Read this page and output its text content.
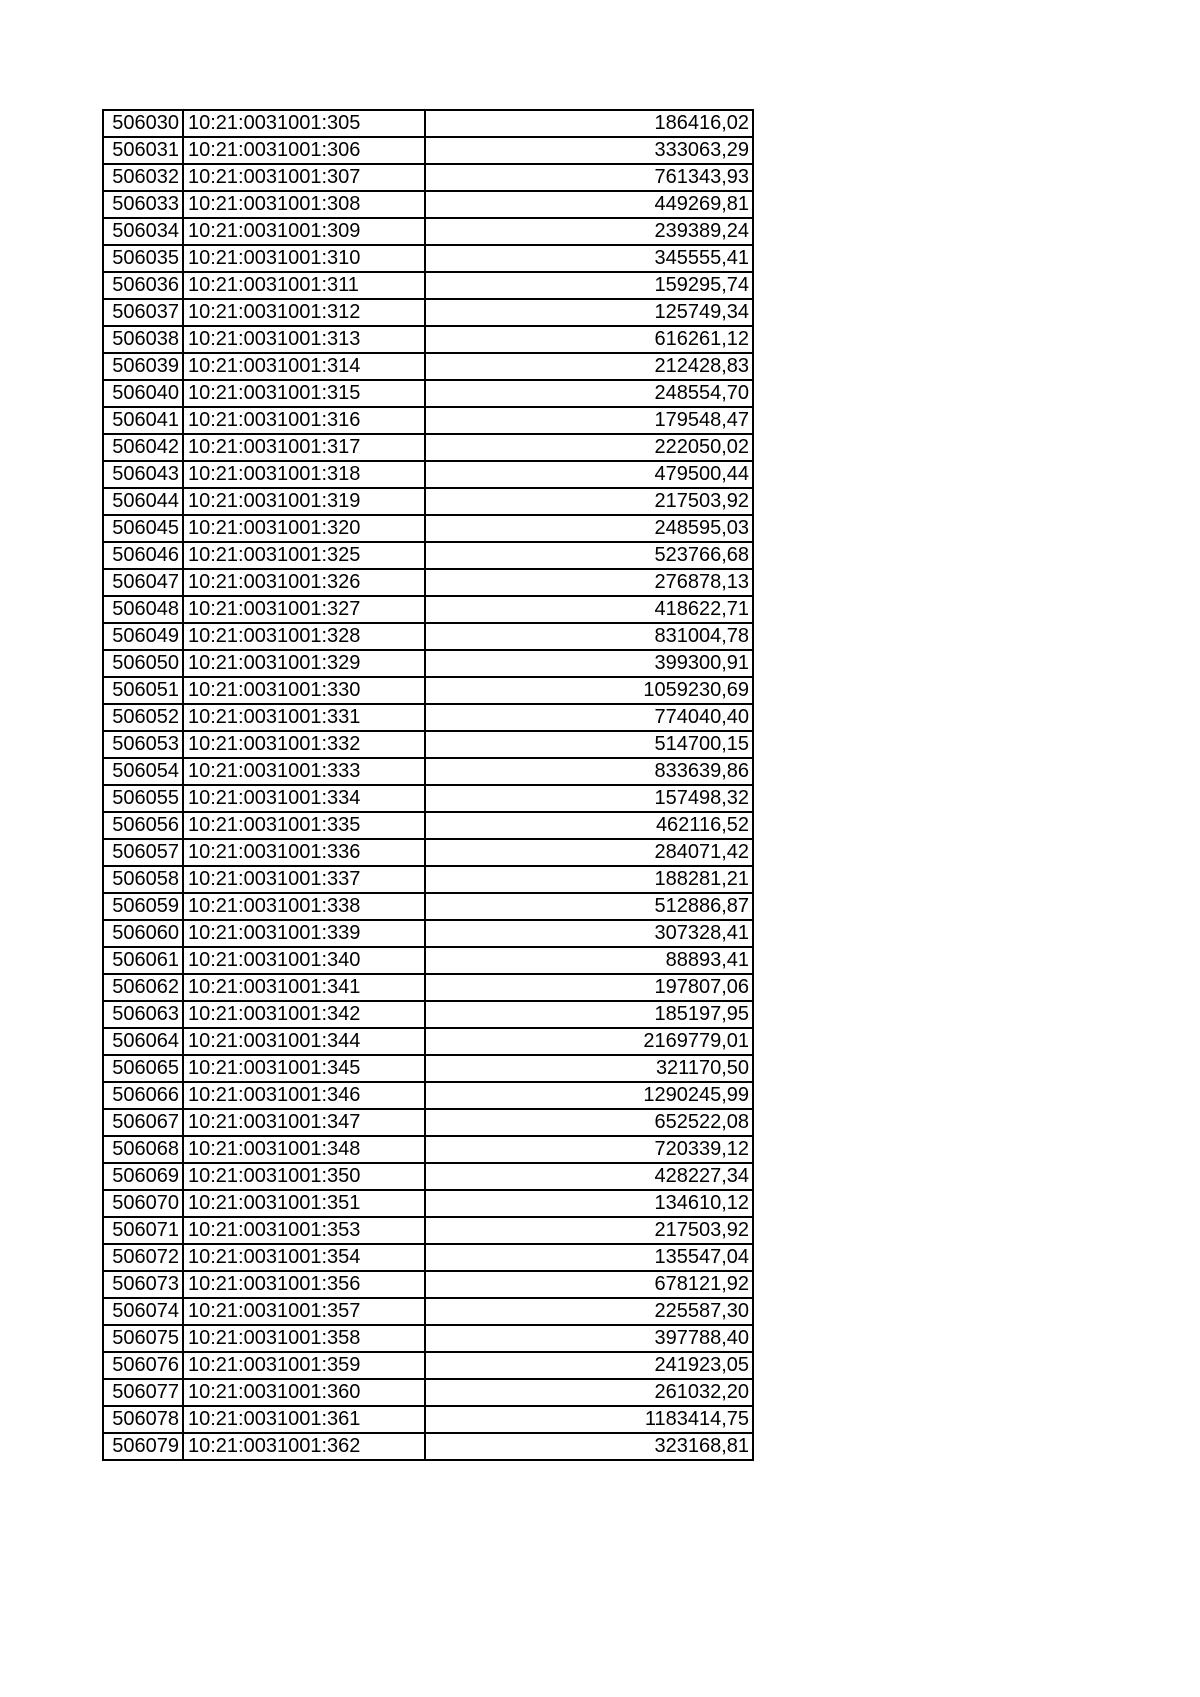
506030	10:21:0031001:305	186416,02
506031	10:21:0031001:306	333063,29
506032	10:21:0031001:307	761343,93
506033	10:21:0031001:308	449269,81
506034	10:21:0031001:309	239389,24
506035	10:21:0031001:310	345555,41
506036	10:21:0031001:311	159295,74
506037	10:21:0031001:312	125749,34
506038	10:21:0031001:313	616261,12
506039	10:21:0031001:314	212428,83
506040	10:21:0031001:315	248554,70
506041	10:21:0031001:316	179548,47
506042	10:21:0031001:317	222050,02
506043	10:21:0031001:318	479500,44
506044	10:21:0031001:319	217503,92
506045	10:21:0031001:320	248595,03
506046	10:21:0031001:325	523766,68
506047	10:21:0031001:326	276878,13
506048	10:21:0031001:327	418622,71
506049	10:21:0031001:328	831004,78
506050	10:21:0031001:329	399300,91
506051	10:21:0031001:330	1059230,69
506052	10:21:0031001:331	774040,40
506053	10:21:0031001:332	514700,15
506054	10:21:0031001:333	833639,86
506055	10:21:0031001:334	157498,32
506056	10:21:0031001:335	462116,52
506057	10:21:0031001:336	284071,42
506058	10:21:0031001:337	188281,21
506059	10:21:0031001:338	512886,87
506060	10:21:0031001:339	307328,41
506061	10:21:0031001:340	88893,41
506062	10:21:0031001:341	197807,06
506063	10:21:0031001:342	185197,95
506064	10:21:0031001:344	2169779,01
506065	10:21:0031001:345	321170,50
506066	10:21:0031001:346	1290245,99
506067	10:21:0031001:347	652522,08
506068	10:21:0031001:348	720339,12
506069	10:21:0031001:350	428227,34
506070	10:21:0031001:351	134610,12
506071	10:21:0031001:353	217503,92
506072	10:21:0031001:354	135547,04
506073	10:21:0031001:356	678121,92
506074	10:21:0031001:357	225587,30
506075	10:21:0031001:358	397788,40
506076	10:21:0031001:359	241923,05
506077	10:21:0031001:360	261032,20
506078	10:21:0031001:361	1183414,75
506079	10:21:0031001:362	323168,81
